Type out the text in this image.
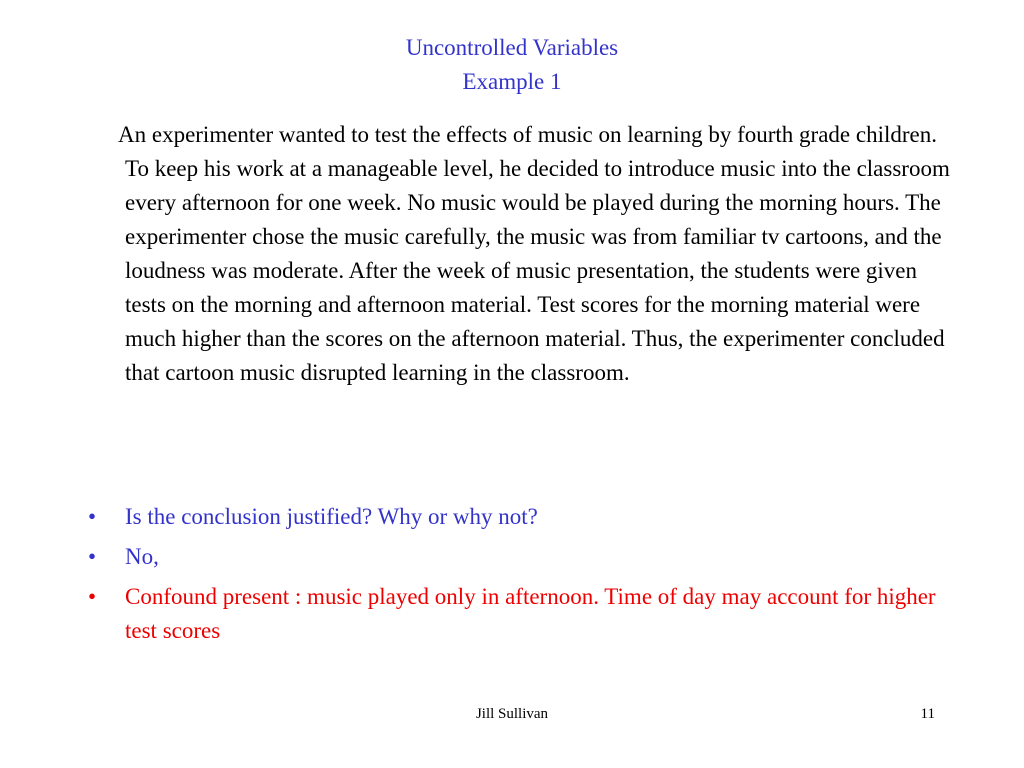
Uncontrolled Variables
Example 1

An experimenter wanted to test the effects of music on learning by fourth grade children. To keep his work at a manageable level, he decided to introduce music into the classroom every afternoon for one week. No music would be played during the morning hours. The experimenter chose the music carefully, the music was from familiar tv cartoons, and the loudness was moderate. After the week of music presentation, the students were given tests on the morning and afternoon material. Test scores for the morning material were much higher than the scores on the afternoon material. Thus, the experimenter concluded that cartoon music disrupted learning in the classroom.

• Is the conclusion justified? Why or why not?
• No,
• Confound present : music played only in afternoon. Time of day may account for higher test scores
Jill Sullivan	11
